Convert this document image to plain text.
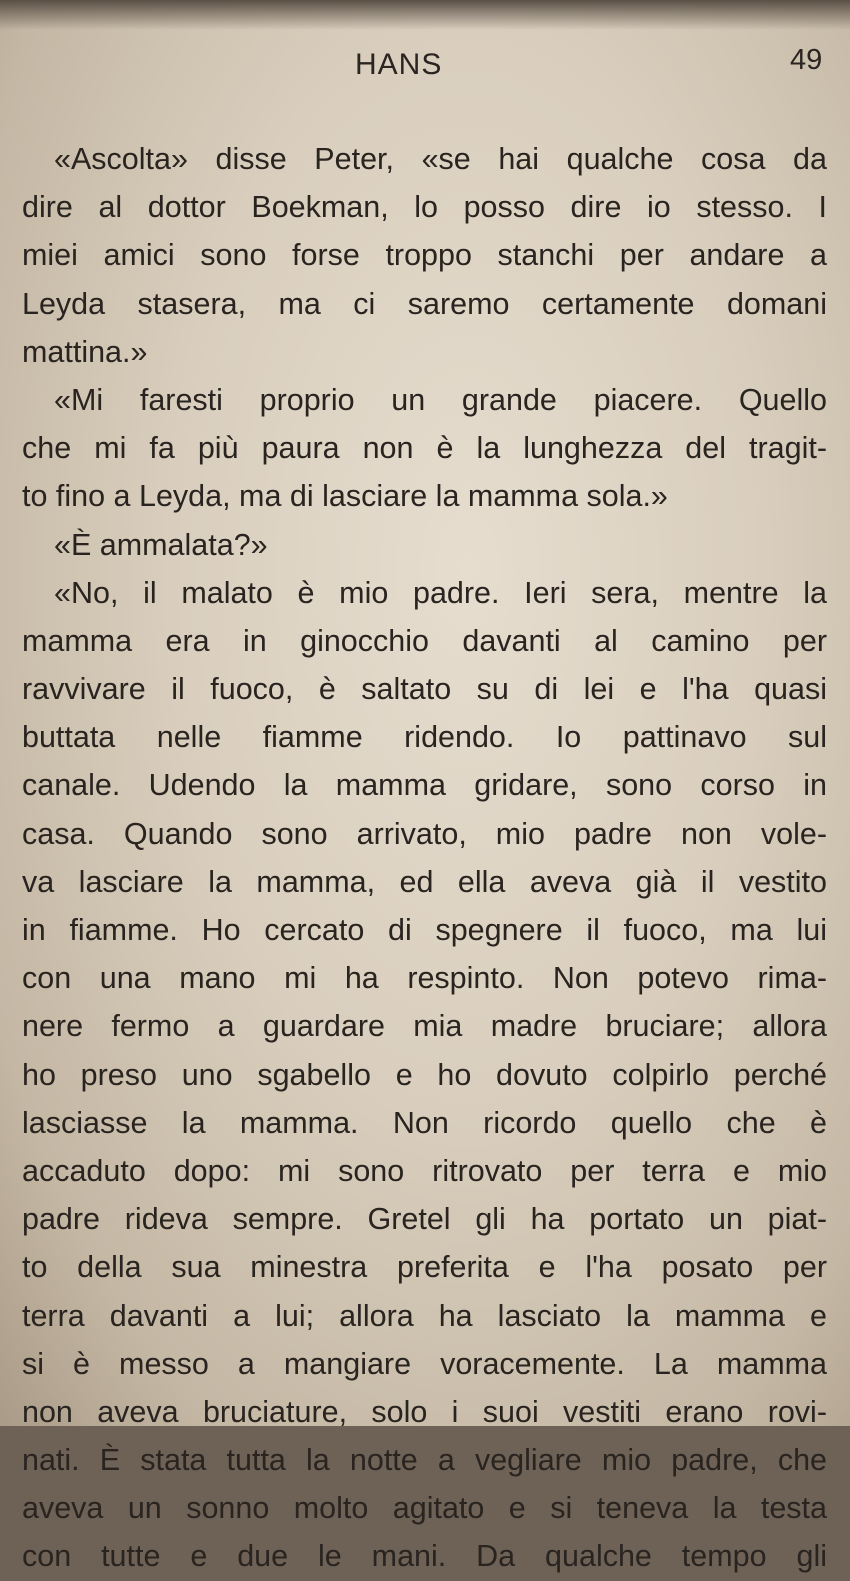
HANS	49
«Ascolta» disse Peter, «se hai qualche cosa da
dire al dottor Boekman, lo posso dire io stesso. I
miei amici sono forse troppo stanchi per andare a
Leyda stasera, ma ci saremo certamente domani
mattina.»
«Mi faresti proprio un grande piacere. Quello
che mi fa più paura non è la lunghezza del tragit-
to fino a Leyda, ma di lasciare la mamma sola.»
«È ammalata?»
«No, il malato è mio padre. Ieri sera, mentre la
mamma era in ginocchio davanti al camino per
ravvivare il fuoco, è saltato su di lei e l'ha quasi
buttata nelle fiamme ridendo. Io pattinavo sul
canale. Udendo la mamma gridare, sono corso in
casa. Quando sono arrivato, mio padre non vole-
va lasciare la mamma, ed ella aveva già il vestito
in fiamme. Ho cercato di spegnere il fuoco, ma lui
con una mano mi ha respinto. Non potevo rima-
nere fermo a guardare mia madre bruciare; allora
ho preso uno sgabello e ho dovuto colpirlo perché
lasciasse la mamma. Non ricordo quello che è
accaduto dopo: mi sono ritrovato per terra e mio
padre rideva sempre. Gretel gli ha portato un piat-
to della sua minestra preferita e l'ha posato per
terra davanti a lui; allora ha lasciato la mamma e
si è messo a mangiare voracemente. La mamma
non aveva bruciature, solo i suoi vestiti erano rovi-
nati. È stata tutta la notte a vegliare mio padre, che
aveva un sonno molto agitato e si teneva la testa
con tutte e due le mani. Da qualche tempo gli
